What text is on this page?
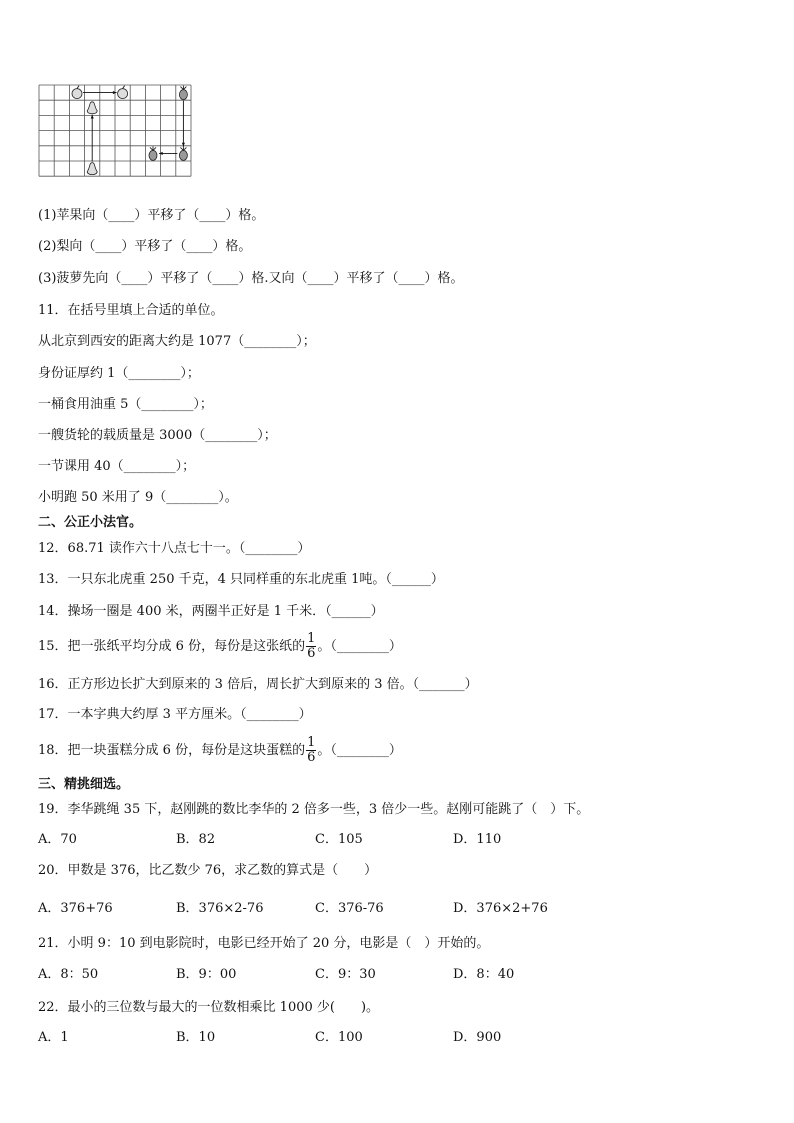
(1)苹果向（____）平移了（____）格。
(2)梨向（____）平移了（____）格。
(3)菠萝先向（____）平移了（____）格.又向（____）平移了（____）格。
11．在括号里填上合适的单位。
从北京到西安的距离大约是 1077（________）；
身份证厚约 1（________）；
一桶食用油重 5（________）；
一艘货轮的载质量是 3000（________）；
一节课用 40（________）；
小明跑 50 米用了 9（________）。
二、公正小法官。
12．68.71 读作六十八点七十一。（________）
13．一只东北虎重 250 千克，4 只同样重的东北虎重 1吨。（______）
14．操场一圈是 400 米，两圈半正好是 1 千米．（______）
15．把一张纸平均分成 6 份，每份是这张纸的 $\frac{1}{6}$ 。（________）
16．正方形边长扩大到原来的 3 倍后，周长扩大到原来的 3 倍。（_______）
17．一本字典大约厚 3 平方厘米。（________）
18．把一块蛋糕分成 6 份，每份是这块蛋糕的 $\frac{1}{6}$ 。（________）
三、精挑细选。
19．李华跳绳 35 下，赵刚跳的数比李华的 2 倍多一些，3 倍少一些。赵刚可能跳了（　）下。
A．70	B．82	C．105	D．110
20．甲数是 376，比乙数少 76，求乙数的算式是（　　）
A．376+76	B．376×2-76	C．376-76	D．376×2+76
21．小明 9：10 到电影院时，电影已经开始了 20 分，电影是（　）开始的。
A．8：50	B．9：00	C．9：30	D．8：40
22．最小的三位数与最大的一位数相乘比 1000 少(　　)。
A．1	B．10	C．100	D．900
